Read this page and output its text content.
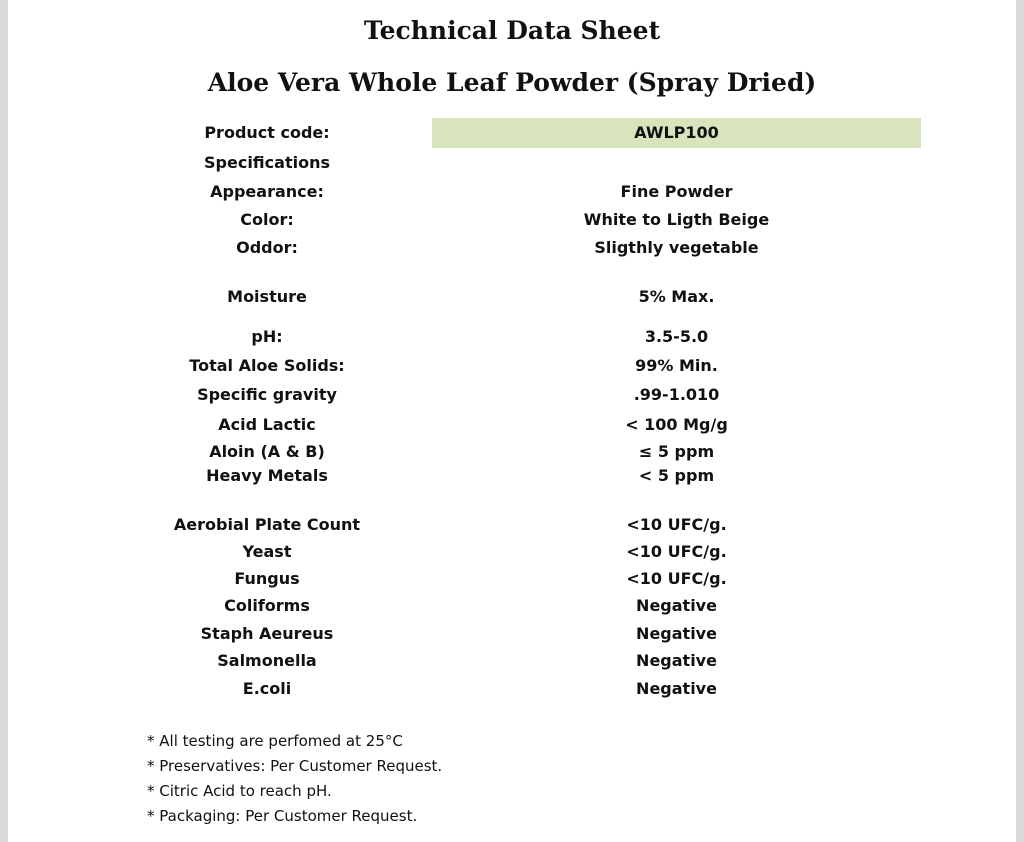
Technical Data Sheet
Aloe Vera Whole Leaf Powder (Spray Dried)
Product code:	AWLP100
Specifications
Appearance:	Fine Powder
Color:	White to Ligth Beige
Oddor:	Sligthly vegetable
Moisture	5% Max.
pH:	3.5-5.0
Total Aloe Solids:	99% Min.
Specific gravity	.99-1.010
Acid Lactic	< 100 Mg/g
Aloin (A & B)	≤ 5 ppm
Heavy Metals	< 5 ppm
Aerobial Plate Count	<10 UFC/g.
Yeast	<10 UFC/g.
Fungus	<10 UFC/g.
Coliforms	Negative
Staph Aeureus	Negative
Salmonella	Negative
E.coli	Negative
* All testing are perfomed at 25°C
* Preservatives: Per Customer Request.
* Citric Acid to reach pH.
* Packaging: Per Customer Request.
